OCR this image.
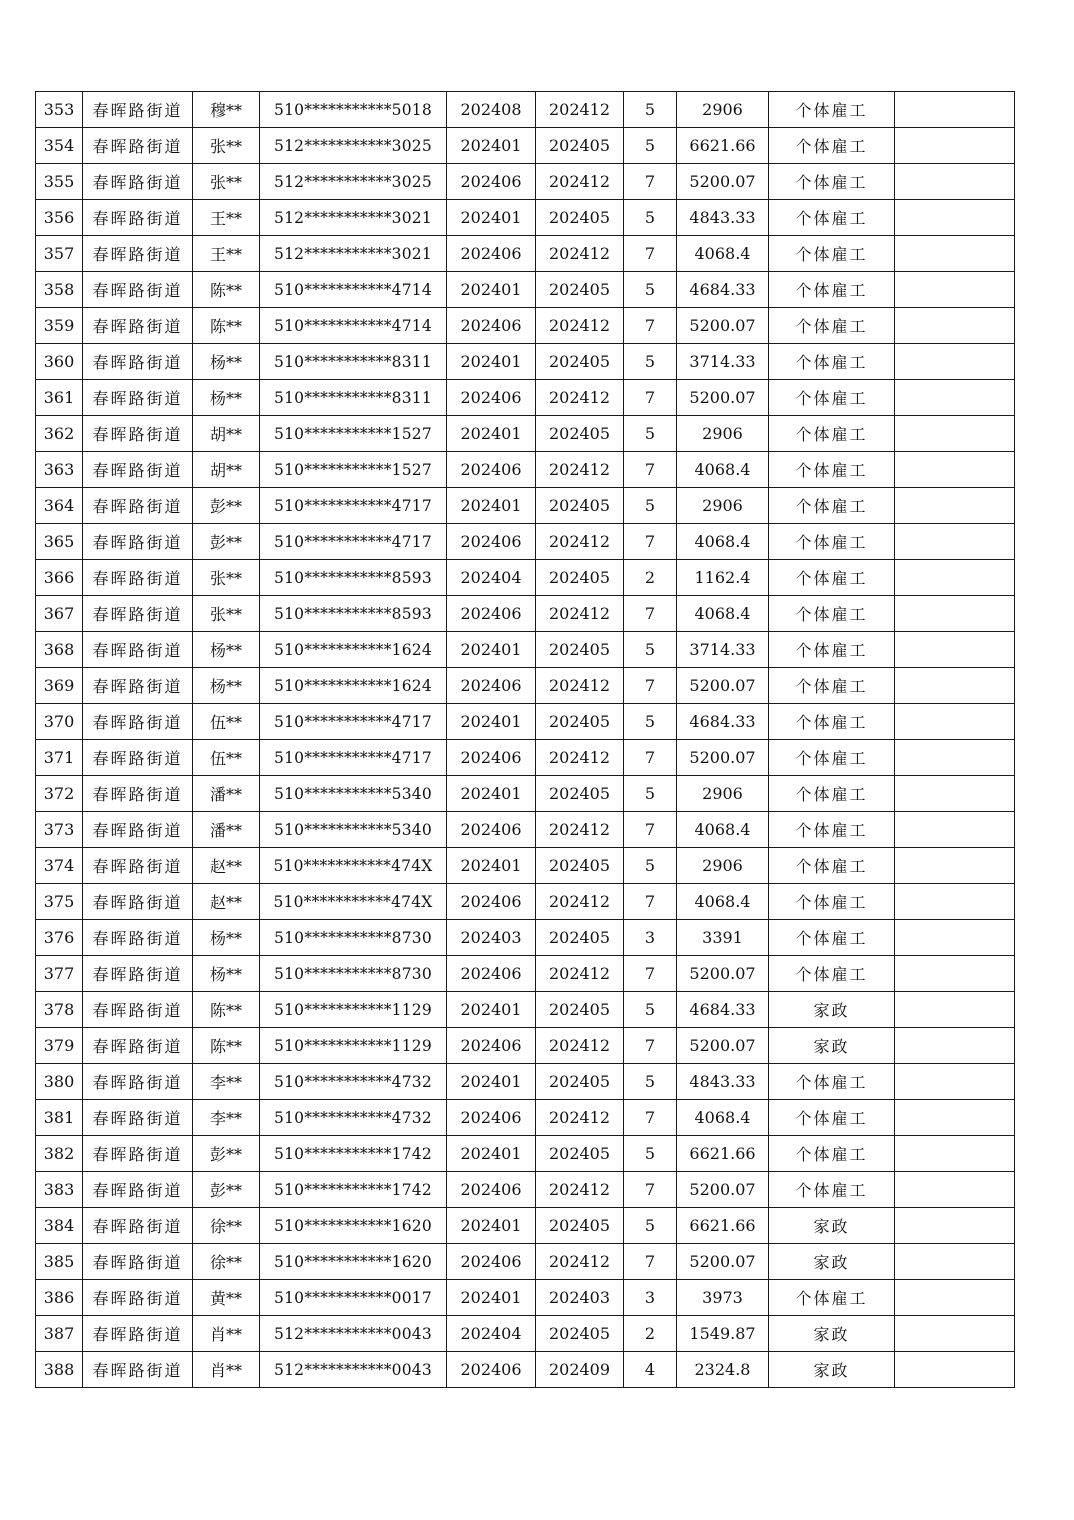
353	春晖路街道	穆**	510***********5018	202408	202412	5	2906	个体雇工	
354	春晖路街道	张**	512***********3025	202401	202405	5	6621.66	个体雇工	
355	春晖路街道	张**	512***********3025	202406	202412	7	5200.07	个体雇工	
356	春晖路街道	王**	512***********3021	202401	202405	5	4843.33	个体雇工	
357	春晖路街道	王**	512***********3021	202406	202412	7	4068.4	个体雇工	
358	春晖路街道	陈**	510***********4714	202401	202405	5	4684.33	个体雇工	
359	春晖路街道	陈**	510***********4714	202406	202412	7	5200.07	个体雇工	
360	春晖路街道	杨**	510***********8311	202401	202405	5	3714.33	个体雇工	
361	春晖路街道	杨**	510***********8311	202406	202412	7	5200.07	个体雇工	
362	春晖路街道	胡**	510***********1527	202401	202405	5	2906	个体雇工	
363	春晖路街道	胡**	510***********1527	202406	202412	7	4068.4	个体雇工	
364	春晖路街道	彭**	510***********4717	202401	202405	5	2906	个体雇工	
365	春晖路街道	彭**	510***********4717	202406	202412	7	4068.4	个体雇工	
366	春晖路街道	张**	510***********8593	202404	202405	2	1162.4	个体雇工	
367	春晖路街道	张**	510***********8593	202406	202412	7	4068.4	个体雇工	
368	春晖路街道	杨**	510***********1624	202401	202405	5	3714.33	个体雇工	
369	春晖路街道	杨**	510***********1624	202406	202412	7	5200.07	个体雇工	
370	春晖路街道	伍**	510***********4717	202401	202405	5	4684.33	个体雇工	
371	春晖路街道	伍**	510***********4717	202406	202412	7	5200.07	个体雇工	
372	春晖路街道	潘**	510***********5340	202401	202405	5	2906	个体雇工	
373	春晖路街道	潘**	510***********5340	202406	202412	7	4068.4	个体雇工	
374	春晖路街道	赵**	510***********474X	202401	202405	5	2906	个体雇工	
375	春晖路街道	赵**	510***********474X	202406	202412	7	4068.4	个体雇工	
376	春晖路街道	杨**	510***********8730	202403	202405	3	3391	个体雇工	
377	春晖路街道	杨**	510***********8730	202406	202412	7	5200.07	个体雇工	
378	春晖路街道	陈**	510***********1129	202401	202405	5	4684.33	家政	
379	春晖路街道	陈**	510***********1129	202406	202412	7	5200.07	家政	
380	春晖路街道	李**	510***********4732	202401	202405	5	4843.33	个体雇工	
381	春晖路街道	李**	510***********4732	202406	202412	7	4068.4	个体雇工	
382	春晖路街道	彭**	510***********1742	202401	202405	5	6621.66	个体雇工	
383	春晖路街道	彭**	510***********1742	202406	202412	7	5200.07	个体雇工	
384	春晖路街道	徐**	510***********1620	202401	202405	5	6621.66	家政	
385	春晖路街道	徐**	510***********1620	202406	202412	7	5200.07	家政	
386	春晖路街道	黄**	510***********0017	202401	202403	3	3973	个体雇工	
387	春晖路街道	肖**	512***********0043	202404	202405	2	1549.87	家政	
388	春晖路街道	肖**	512***********0043	202406	202409	4	2324.8	家政	
